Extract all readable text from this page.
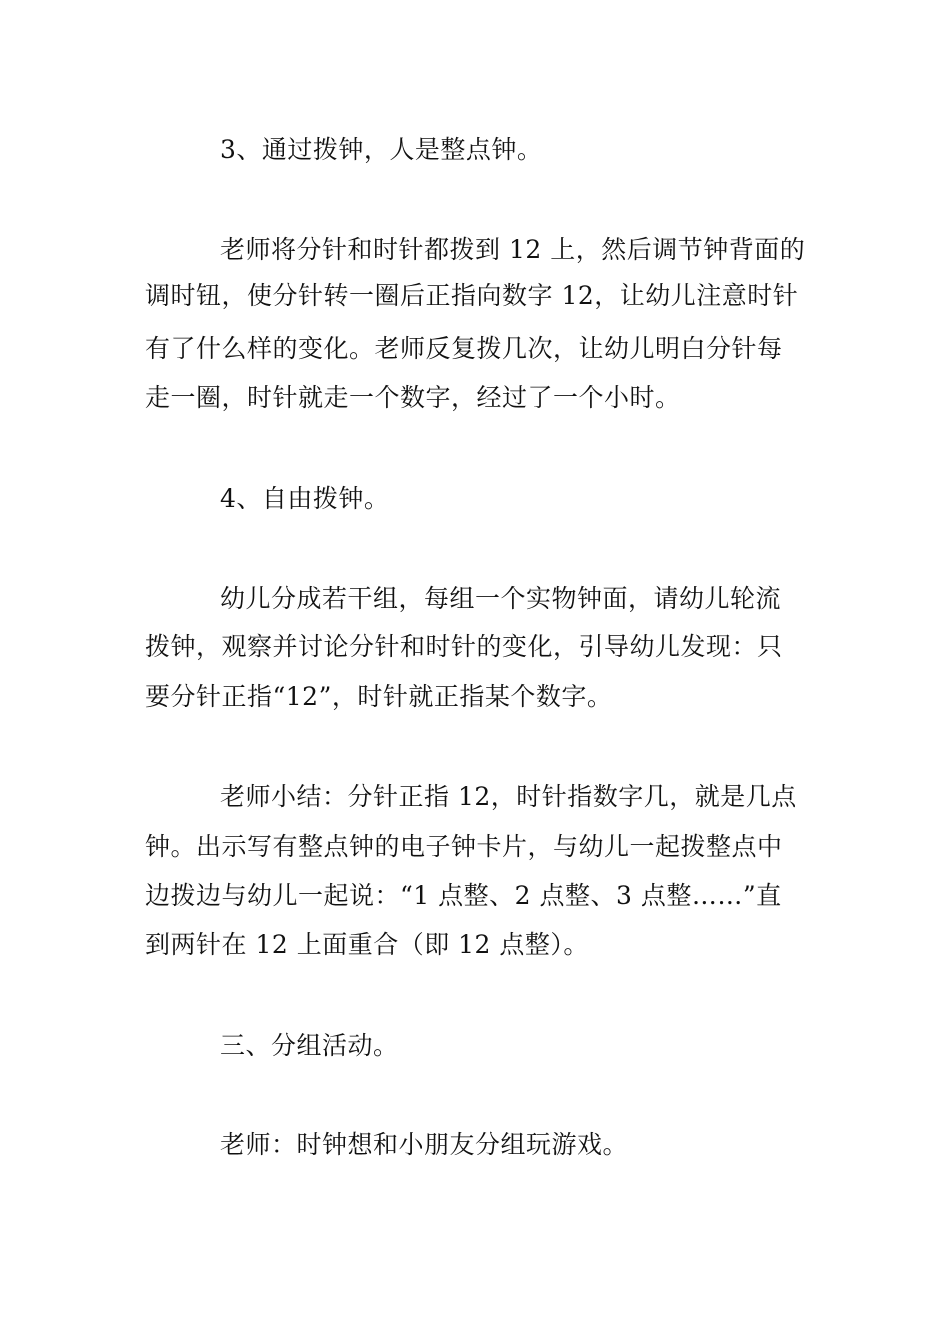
3、通过拨钟，人是整点钟。
老师将分针和时针都拨到 12 上，然后调节钟背面的
调时钮，使分针转一圈后正指向数字 12，让幼儿注意时针
有了什么样的变化。老师反复拨几次，让幼儿明白分针每
走一圈，时针就走一个数字，经过了一个小时。
4、自由拨钟。
幼儿分成若干组，每组一个实物钟面，请幼儿轮流
拨钟，观察并讨论分针和时针的变化，引导幼儿发现：只
要分针正指“12”，时针就正指某个数字。
老师小结：分针正指 12，时针指数字几，就是几点
钟。出示写有整点钟的电子钟卡片，与幼儿一起拨整点中
边拨边与幼儿一起说：“1 点整、2 点整、3 点整……”直
到两针在 12 上面重合（即 12 点整）。
三、分组活动。
老师：时钟想和小朋友分组玩游戏。
